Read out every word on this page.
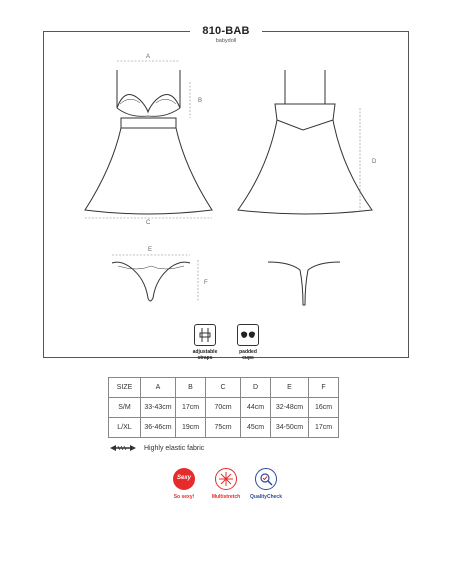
810-BAB
babydoll
A
B
C
D
E
F
adjustable
straps
padded
cups
SIZE	A	B	C	D	E	F
S/M	33-43cm	17cm	70cm	44cm	32-48cm	16cm
L/XL	36-46cm	19cm	75cm	45cm	34-50cm	17cm
Highly elastic fabric
Sexy
So sexy!	Multistretch	QualityCheck
